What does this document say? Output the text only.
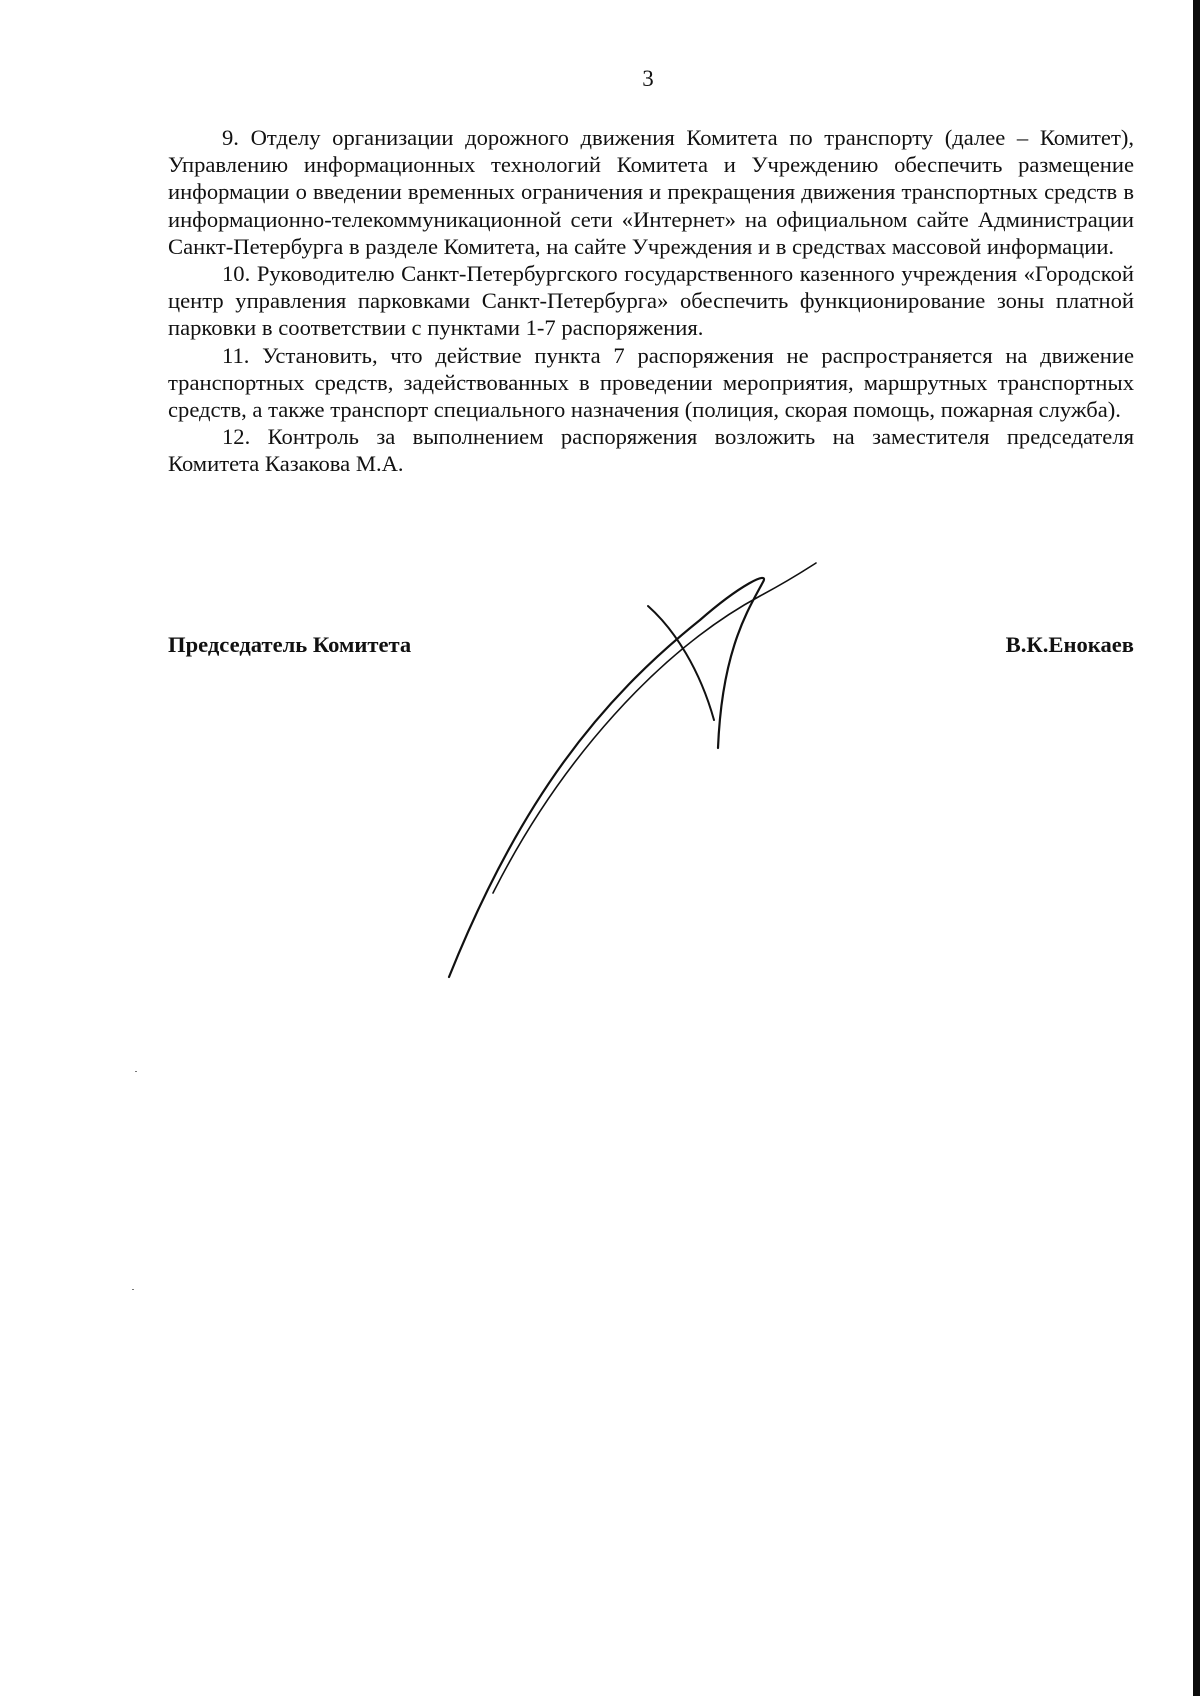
3

9. Отделу организации дорожного движения Комитета по транспорту (далее – Комитет), Управлению информационных технологий Комитета и Учреждению обеспечить размещение информации о введении временных ограничения и прекращения движения транспортных средств в информационно-телекоммуникационной сети «Интернет» на официальном сайте Администрации Санкт-Петербурга в разделе Комитета, на сайте Учреждения и в средствах массовой информации.

10. Руководителю Санкт-Петербургского государственного казенного учреждения «Городской центр управления парковками Санкт-Петербурга» обеспечить функционирование зоны платной парковки в соответствии с пунктами 1-7 распоряжения.

11. Установить, что действие пункта 7 распоряжения не распространяется на движение транспортных средств, задействованных в проведении мероприятия, маршрутных транспортных средств, а также транспорт специального назначения (полиция, скорая помощь, пожарная служба).

12. Контроль за выполнением распоряжения возложить на заместителя председателя Комитета Казакова М.А.

Председатель Комитета	В.К.Енокаев
